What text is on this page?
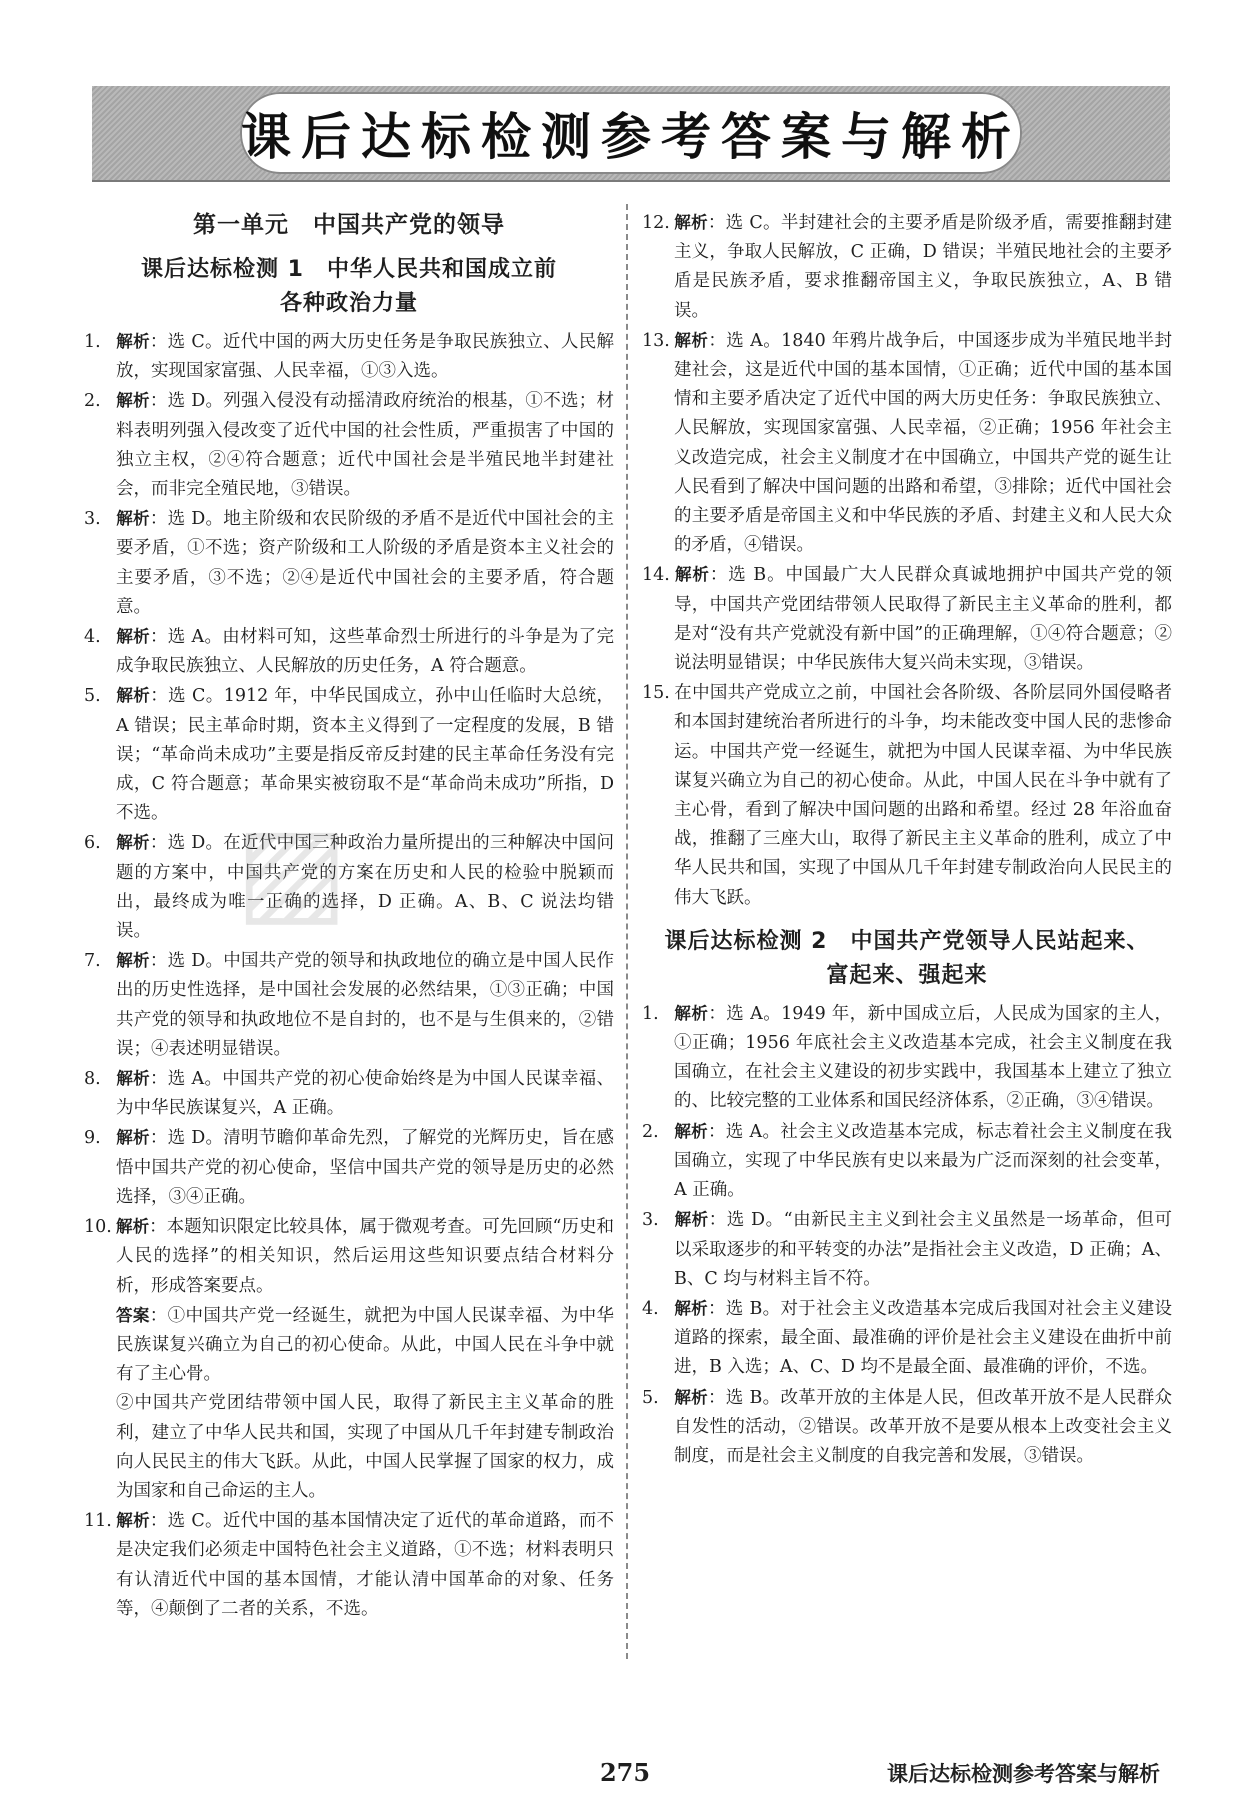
课后达标检测参考答案与解析
第一单元　中国共产党的领导
课后达标检测 1　中华人民共和国成立前
各种政治力量

1. 解析：选 C。近代中国的两大历史任务是争取民族独立、人民解放，实现国家富强、人民幸福，①③入选。

2. 解析：选 D。列强入侵没有动摇清政府统治的根基，①不选；材料表明列强入侵改变了近代中国的社会性质，严重损害了中国的独立主权，②④符合题意；近代中国社会是半殖民地半封建社会，而非完全殖民地，③错误。

3. 解析：选 D。地主阶级和农民阶级的矛盾不是近代中国社会的主要矛盾，①不选；资产阶级和工人阶级的矛盾是资本主义社会的主要矛盾，③不选；②④是近代中国社会的主要矛盾，符合题意。

4. 解析：选 A。由材料可知，这些革命烈士所进行的斗争是为了完成争取民族独立、人民解放的历史任务，A 符合题意。

5. 解析：选 C。1912 年，中华民国成立，孙中山任临时大总统，A 错误；民主革命时期，资本主义得到了一定程度的发展，B 错误；“革命尚未成功”主要是指反帝反封建的民主革命任务没有完成，C 符合题意；革命果实被窃取不是“革命尚未成功”所指，D 不选。

6. 解析：选 D。在近代中国三种政治力量所提出的三种解决中国问题的方案中，中国共产党的方案在历史和人民的检验中脱颖而出，最终成为唯一正确的选择，D 正确。A、B、C 说法均错误。

7. 解析：选 D。中国共产党的领导和执政地位的确立是中国人民作出的历史性选择，是中国社会发展的必然结果，①③正确；中国共产党的领导和执政地位不是自封的，也不是与生俱来的，②错误；④表述明显错误。

8. 解析：选 A。中国共产党的初心使命始终是为中国人民谋幸福、为中华民族谋复兴，A 正确。

9. 解析：选 D。清明节瞻仰革命先烈，了解党的光辉历史，旨在感悟中国共产党的初心使命，坚信中国共产党的领导是历史的必然选择，③④正确。

10. 解析：本题知识限定比较具体，属于微观考查。可先回顾“历史和人民的选择”的相关知识，然后运用这些知识要点结合材料分析，形成答案要点。

答案：①中国共产党一经诞生，就把为中国人民谋幸福、为中华民族谋复兴确立为自己的初心使命。从此，中国人民在斗争中就有了主心骨。

②中国共产党团结带领中国人民，取得了新民主主义革命的胜利，建立了中华人民共和国，实现了中国从几千年封建专制政治向人民民主的伟大飞跃。从此，中国人民掌握了国家的权力，成为国家和自己命运的主人。

11. 解析：选 C。近代中国的基本国情决定了近代的革命道路，而不是决定我们必须走中国特色社会主义道路，①不选；材料表明只有认清近代中国的基本国情，才能认清中国革命的对象、任务等，④颠倒了二者的关系，不选。

12. 解析：选 C。半封建社会的主要矛盾是阶级矛盾，需要推翻封建主义，争取人民解放，C 正确，D 错误；半殖民地社会的主要矛盾是民族矛盾，要求推翻帝国主义，争取民族独立，A、B 错误。

13. 解析：选 A。1840 年鸦片战争后，中国逐步成为半殖民地半封建社会，这是近代中国的基本国情，①正确；近代中国的基本国情和主要矛盾决定了近代中国的两大历史任务：争取民族独立、人民解放，实现国家富强、人民幸福，②正确；1956 年社会主义改造完成，社会主义制度才在中国确立，中国共产党的诞生让人民看到了解决中国问题的出路和希望，③排除；近代中国社会的主要矛盾是帝国主义和中华民族的矛盾、封建主义和人民大众的矛盾，④错误。

14. 解析：选 B。中国最广大人民群众真诚地拥护中国共产党的领导，中国共产党团结带领人民取得了新民主主义革命的胜利，都是对“没有共产党就没有新中国”的正确理解，①④符合题意；②说法明显错误；中华民族伟大复兴尚未实现，③错误。

15. 在中国共产党成立之前，中国社会各阶级、各阶层同外国侵略者和本国封建统治者所进行的斗争，均未能改变中国人民的悲惨命运。中国共产党一经诞生，就把为中国人民谋幸福、为中华民族谋复兴确立为自己的初心使命。从此，中国人民在斗争中就有了主心骨，看到了解决中国问题的出路和希望。经过 28 年浴血奋战，推翻了三座大山，取得了新民主主义革命的胜利，成立了中华人民共和国，实现了中国从几千年封建专制政治向人民民主的伟大飞跃。

课后达标检测 2　中国共产党领导人民站起来、
富起来、强起来

1. 解析：选 A。1949 年，新中国成立后，人民成为国家的主人，①正确；1956 年底社会主义改造基本完成，社会主义制度在我国确立，在社会主义建设的初步实践中，我国基本上建立了独立的、比较完整的工业体系和国民经济体系，②正确，③④错误。

2. 解析：选 A。社会主义改造基本完成，标志着社会主义制度在我国确立，实现了中华民族有史以来最为广泛而深刻的社会变革，A 正确。

3. 解析：选 D。“由新民主主义到社会主义虽然是一场革命，但可以采取逐步的和平转变的办法”是指社会主义改造，D 正确；A、B、C 均与材料主旨不符。

4. 解析：选 B。对于社会主义改造基本完成后我国对社会主义建设道路的探索，最全面、最准确的评价是社会主义建设在曲折中前进，B 入选；A、C、D 均不是最全面、最准确的评价，不选。

5. 解析：选 B。改革开放的主体是人民，但改革开放不是人民群众自发性的活动，②错误。改革开放不是要从根本上改变社会主义制度，而是社会主义制度的自我完善和发展，③错误。

▨
275	课后达标检测参考答案与解析
